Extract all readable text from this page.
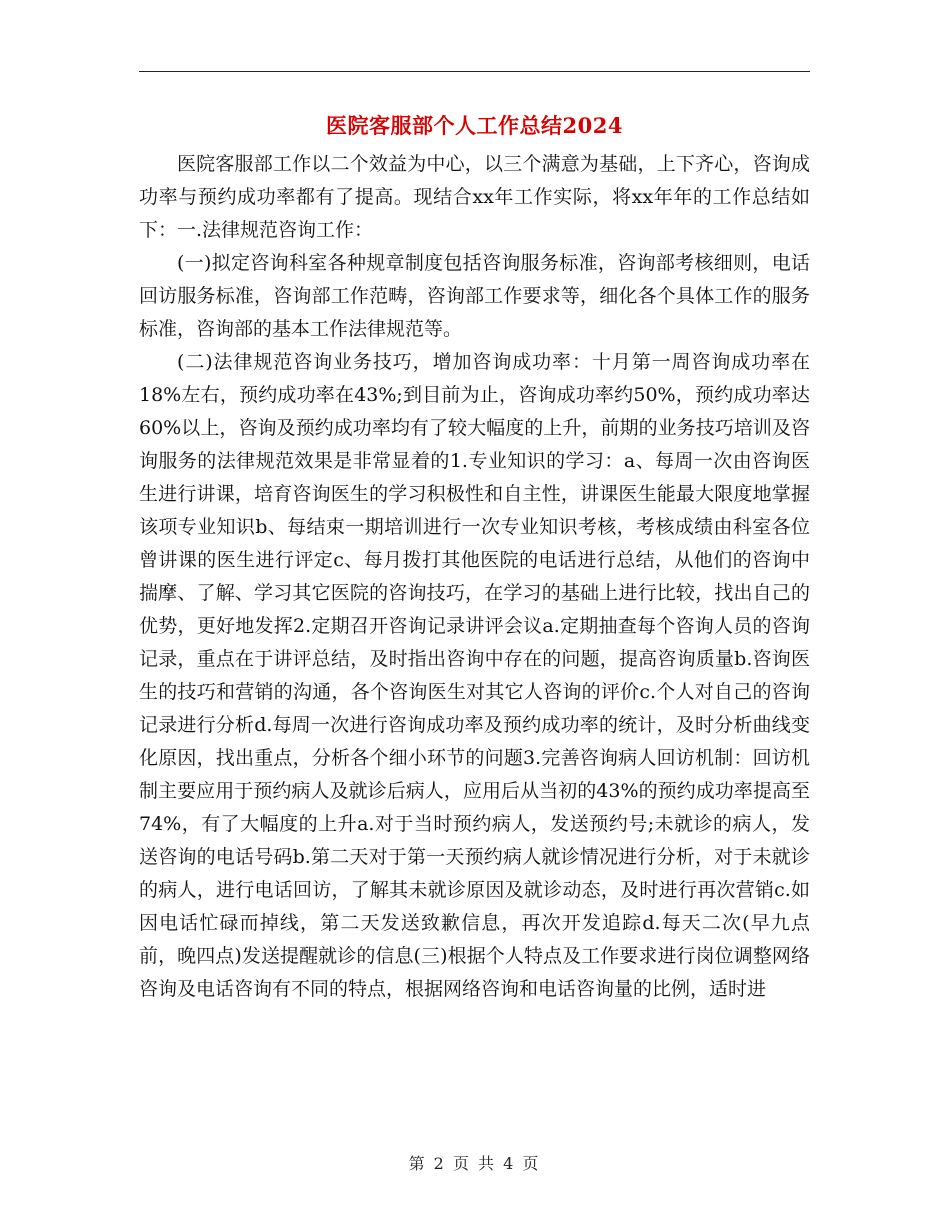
医院客服部个人工作总结2024

医院客服部工作以二个效益为中心，以三个满意为基础，上下齐心，咨询成功率与预约成功率都有了提高。现结合xx年工作实际，将xx年年的工作总结如下：一.法律规范咨询工作：

(一)拟定咨询科室各种规章制度包括咨询服务标准，咨询部考核细则，电话回访服务标准，咨询部工作范畴，咨询部工作要求等，细化各个具体工作的服务标准，咨询部的基本工作法律规范等。

(二)法律规范咨询业务技巧，增加咨询成功率：十月第一周咨询成功率在18%左右，预约成功率在43%;到目前为止，咨询成功率约50%，预约成功率达60%以上，咨询及预约成功率均有了较大幅度的上升，前期的业务技巧培训及咨询服务的法律规范效果是非常显着的1.专业知识的学习：a、每周一次由咨询医生进行讲课，培育咨询医生的学习积极性和自主性，讲课医生能最大限度地掌握该项专业知识b、每结束一期培训进行一次专业知识考核，考核成绩由科室各位曾讲课的医生进行评定c、每月拨打其他医院的电话进行总结，从他们的咨询中揣摩、了解、学习其它医院的咨询技巧，在学习的基础上进行比较，找出自己的优势，更好地发挥2.定期召开咨询记录讲评会议a.定期抽查每个咨询人员的咨询记录，重点在于讲评总结，及时指出咨询中存在的问题，提高咨询质量b.咨询医生的技巧和营销的沟通，各个咨询医生对其它人咨询的评价c.个人对自己的咨询记录进行分析d.每周一次进行咨询成功率及预约成功率的统计，及时分析曲线变化原因，找出重点，分析各个细小环节的问题3.完善咨询病人回访机制：回访机制主要应用于预约病人及就诊后病人，应用后从当初的43%的预约成功率提高至74%，有了大幅度的上升a.对于当时预约病人，发送预约号;未就诊的病人，发送咨询的电话号码b.第二天对于第一天预约病人就诊情况进行分析，对于未就诊的病人，进行电话回访，了解其未就诊原因及就诊动态，及时进行再次营销c.如因电话忙碌而掉线，第二天发送致歉信息，再次开发追踪d.每天二次(早九点前，晚四点)发送提醒就诊的信息(三)根据个人特点及工作要求进行岗位调整网络咨询及电话咨询有不同的特点，根据网络咨询和电话咨询量的比例，适时进

第 2 页 共 4 页
